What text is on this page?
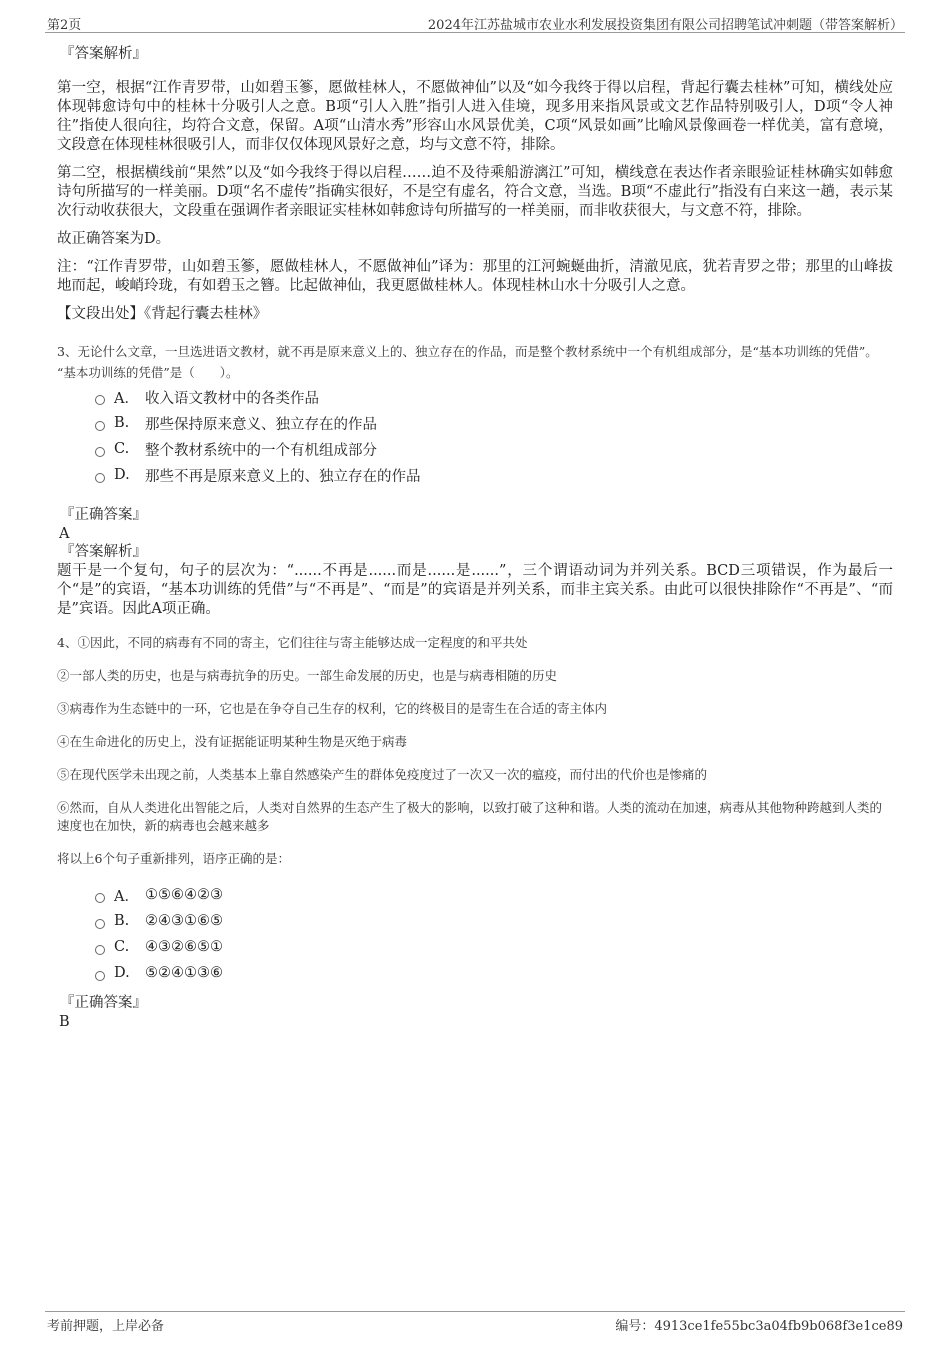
第2页	2024年江苏盐城市农业水利发展投资集团有限公司招聘笔试冲刺题（带答案解析）
『答案解析』

第一空，根据“江作青罗带，山如碧玉篸，愿做桂林人，不愿做神仙”以及“如今我终于得以启程，背起行囊去桂林”可知，横线处应体现韩愈诗句中的桂林十分吸引人之意。B项“引人入胜”指引人进入佳境，现多用来指风景或文艺作品特别吸引人，D项“令人神往”指使人很向往，均符合文意，保留。A项“山清水秀”形容山水风景优美，C项“风景如画”比喻风景像画卷一样优美，富有意境，文段意在体现桂林很吸引人，而非仅仅体现风景好之意，均与文意不符，排除。

第二空，根据横线前“果然”以及“如今我终于得以启程……迫不及待乘船游漓江”可知，横线意在表达作者亲眼验证桂林确实如韩愈诗句所描写的一样美丽。D项“名不虚传”指确实很好，不是空有虚名，符合文意，当选。B项“不虚此行”指没有白来这一趟，表示某次行动收获很大，文段重在强调作者亲眼证实桂林如韩愈诗句所描写的一样美丽，而非收获很大，与文意不符，排除。

故正确答案为D。

注：“江作青罗带，山如碧玉篸，愿做桂林人，不愿做神仙”译为：那里的江河蜿蜒曲折，清澈见底，犹若青罗之带；那里的山峰拔地而起，峻峭玲珑，有如碧玉之簪。比起做神仙，我更愿做桂林人。体现桂林山水十分吸引人之意。

【文段出处】《背起行囊去桂林》

3、无论什么文章，一旦选进语文教材，就不再是原来意义上的、独立存在的作品，而是整个教材系统中一个有机组成部分，是“基本功训练的凭借”。

“基本功训练的凭借”是（　　）。

A． 收入语文教材中的各类作品
B.	那些保持原来意义、独立存在的作品
C.	整个教材系统中的一个有机组成部分
D.	那些不再是原来意义上的、独立存在的作品
『正确答案』
A
『答案解析』

题干是一个复句，句子的层次为：“......不再是......而是......是......”，三个谓语动词为并列关系。BCD三项错误，作为最后一个“是”的宾语，“基本功训练的凭借”与“不再是”、“而是”的宾语是并列关系，而非主宾关系。由此可以很快排除作“不再是”、“而是”宾语。因此A项正确。

4、①因此，不同的病毒有不同的寄主，它们往往与寄主能够达成一定程度的和平共处

②一部人类的历史，也是与病毒抗争的历史。一部生命发展的历史，也是与病毒相随的历史

③病毒作为生态链中的一环，它也是在争夺自己生存的权利，它的终极目的是寄生在合适的寄主体内

④在生命进化的历史上，没有证据能证明某种生物是灭绝于病毒

⑤在现代医学未出现之前，人类基本上靠自然感染产生的群体免疫度过了一次又一次的瘟疫，而付出的代价也是惨痛的

⑥然而，自从人类进化出智能之后，人类对自然界的生态产生了极大的影响，以致打破了这种和谐。人类的流动在加速，病毒从其他物种跨越到人类的速度也在加快，新的病毒也会越来越多

将以上6个句子重新排列，语序正确的是：

A． ①⑤⑥④②③
B.	②④③①⑥⑤
C.	④③②⑥⑤①
D.	⑤②④①③⑥
『正确答案』
B
考前押题，上岸必备	编号：4913ce1fe55bc3a04fb9b068f3e1ce89
